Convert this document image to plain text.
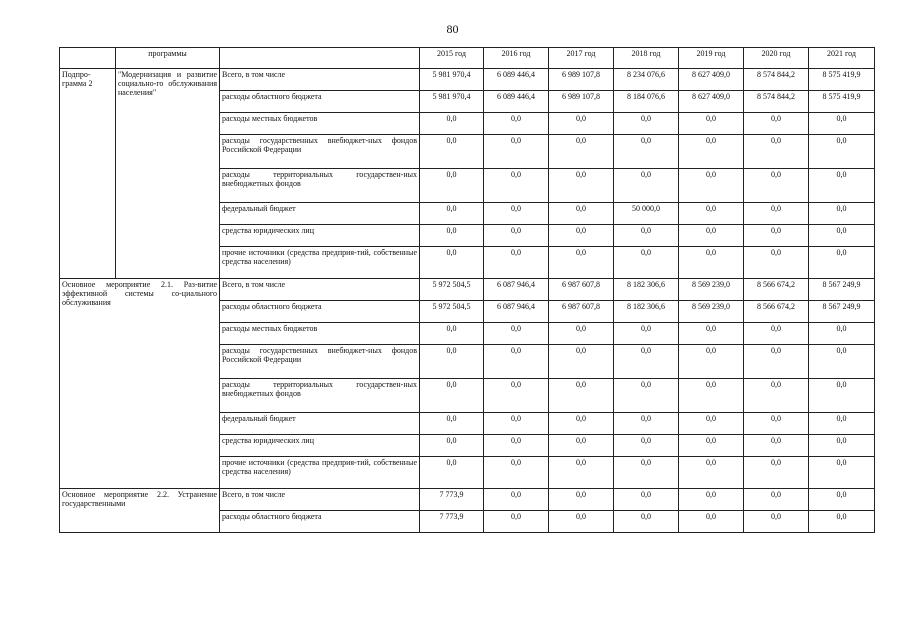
80
	программы		2015 год	2016 год	2017 год	2018 год	2019 год	2020 год	2021 год
Подпро-грамма 2	"Модернизация и развитие социально-го обслуживания населения"	Всего, в том числе	5 981 970,4	6 089 446,4	6 989 107,8	8 234 076,6	8 627 409,0	8 574 844,2	8 575 419,9
		расходы областного бюджета	5 981 970,4	6 089 446,4	6 989 107,8	8 184 076,6	8 627 409,0	8 574 844,2	8 575 419,9
		расходы местных бюджетов	0,0	0,0	0,0	0,0	0,0	0,0	0,0
		расходы государственных внебюджет-ных фондов Российской Федерации	0,0	0,0	0,0	0,0	0,0	0,0	0,0
		расходы территориальных государствен-ных внебюджетных фондов	0,0	0,0	0,0	0,0	0,0	0,0	0,0
		федеральный бюджет	0,0	0,0	0,0	50 000,0	0,0	0,0	0,0
		средства юридических лиц	0,0	0,0	0,0	0,0	0,0	0,0	0,0
		прочие источники (средства предприя-тий, собственные средства населения)	0,0	0,0	0,0	0,0	0,0	0,0	0,0
Основное мероприятие 2.1. Раз-витие эффективной системы со-циального обслуживания		Всего, в том числе	5 972 504,5	6 087 946,4	6 987 607,8	8 182 306,6	8 569 239,0	8 566 674,2	8 567 249,9
		расходы областного бюджета	5 972 504,5	6 087 946,4	6 987 607,8	8 182 306,6	8 569 239,0	8 566 674,2	8 567 249,9
		расходы местных бюджетов	0,0	0,0	0,0	0,0	0,0	0,0	0,0
		расходы государственных внебюджет-ных фондов Российской Федерации	0,0	0,0	0,0	0,0	0,0	0,0	0,0
		расходы территориальных государствен-ных внебюджетных фондов	0,0	0,0	0,0	0,0	0,0	0,0	0,0
		федеральный бюджет	0,0	0,0	0,0	0,0	0,0	0,0	0,0
		средства юридических лиц	0,0	0,0	0,0	0,0	0,0	0,0	0,0
		прочие источники (средства предприя-тий, собственные средства населения)	0,0	0,0	0,0	0,0	0,0	0,0	0,0
Основное мероприятие 2.2. Устранение государственными		Всего, в том числе	7 773,9	0,0	0,0	0,0	0,0	0,0	0,0
		расходы областного бюджета	7 773,9	0,0	0,0	0,0	0,0	0,0	0,0
